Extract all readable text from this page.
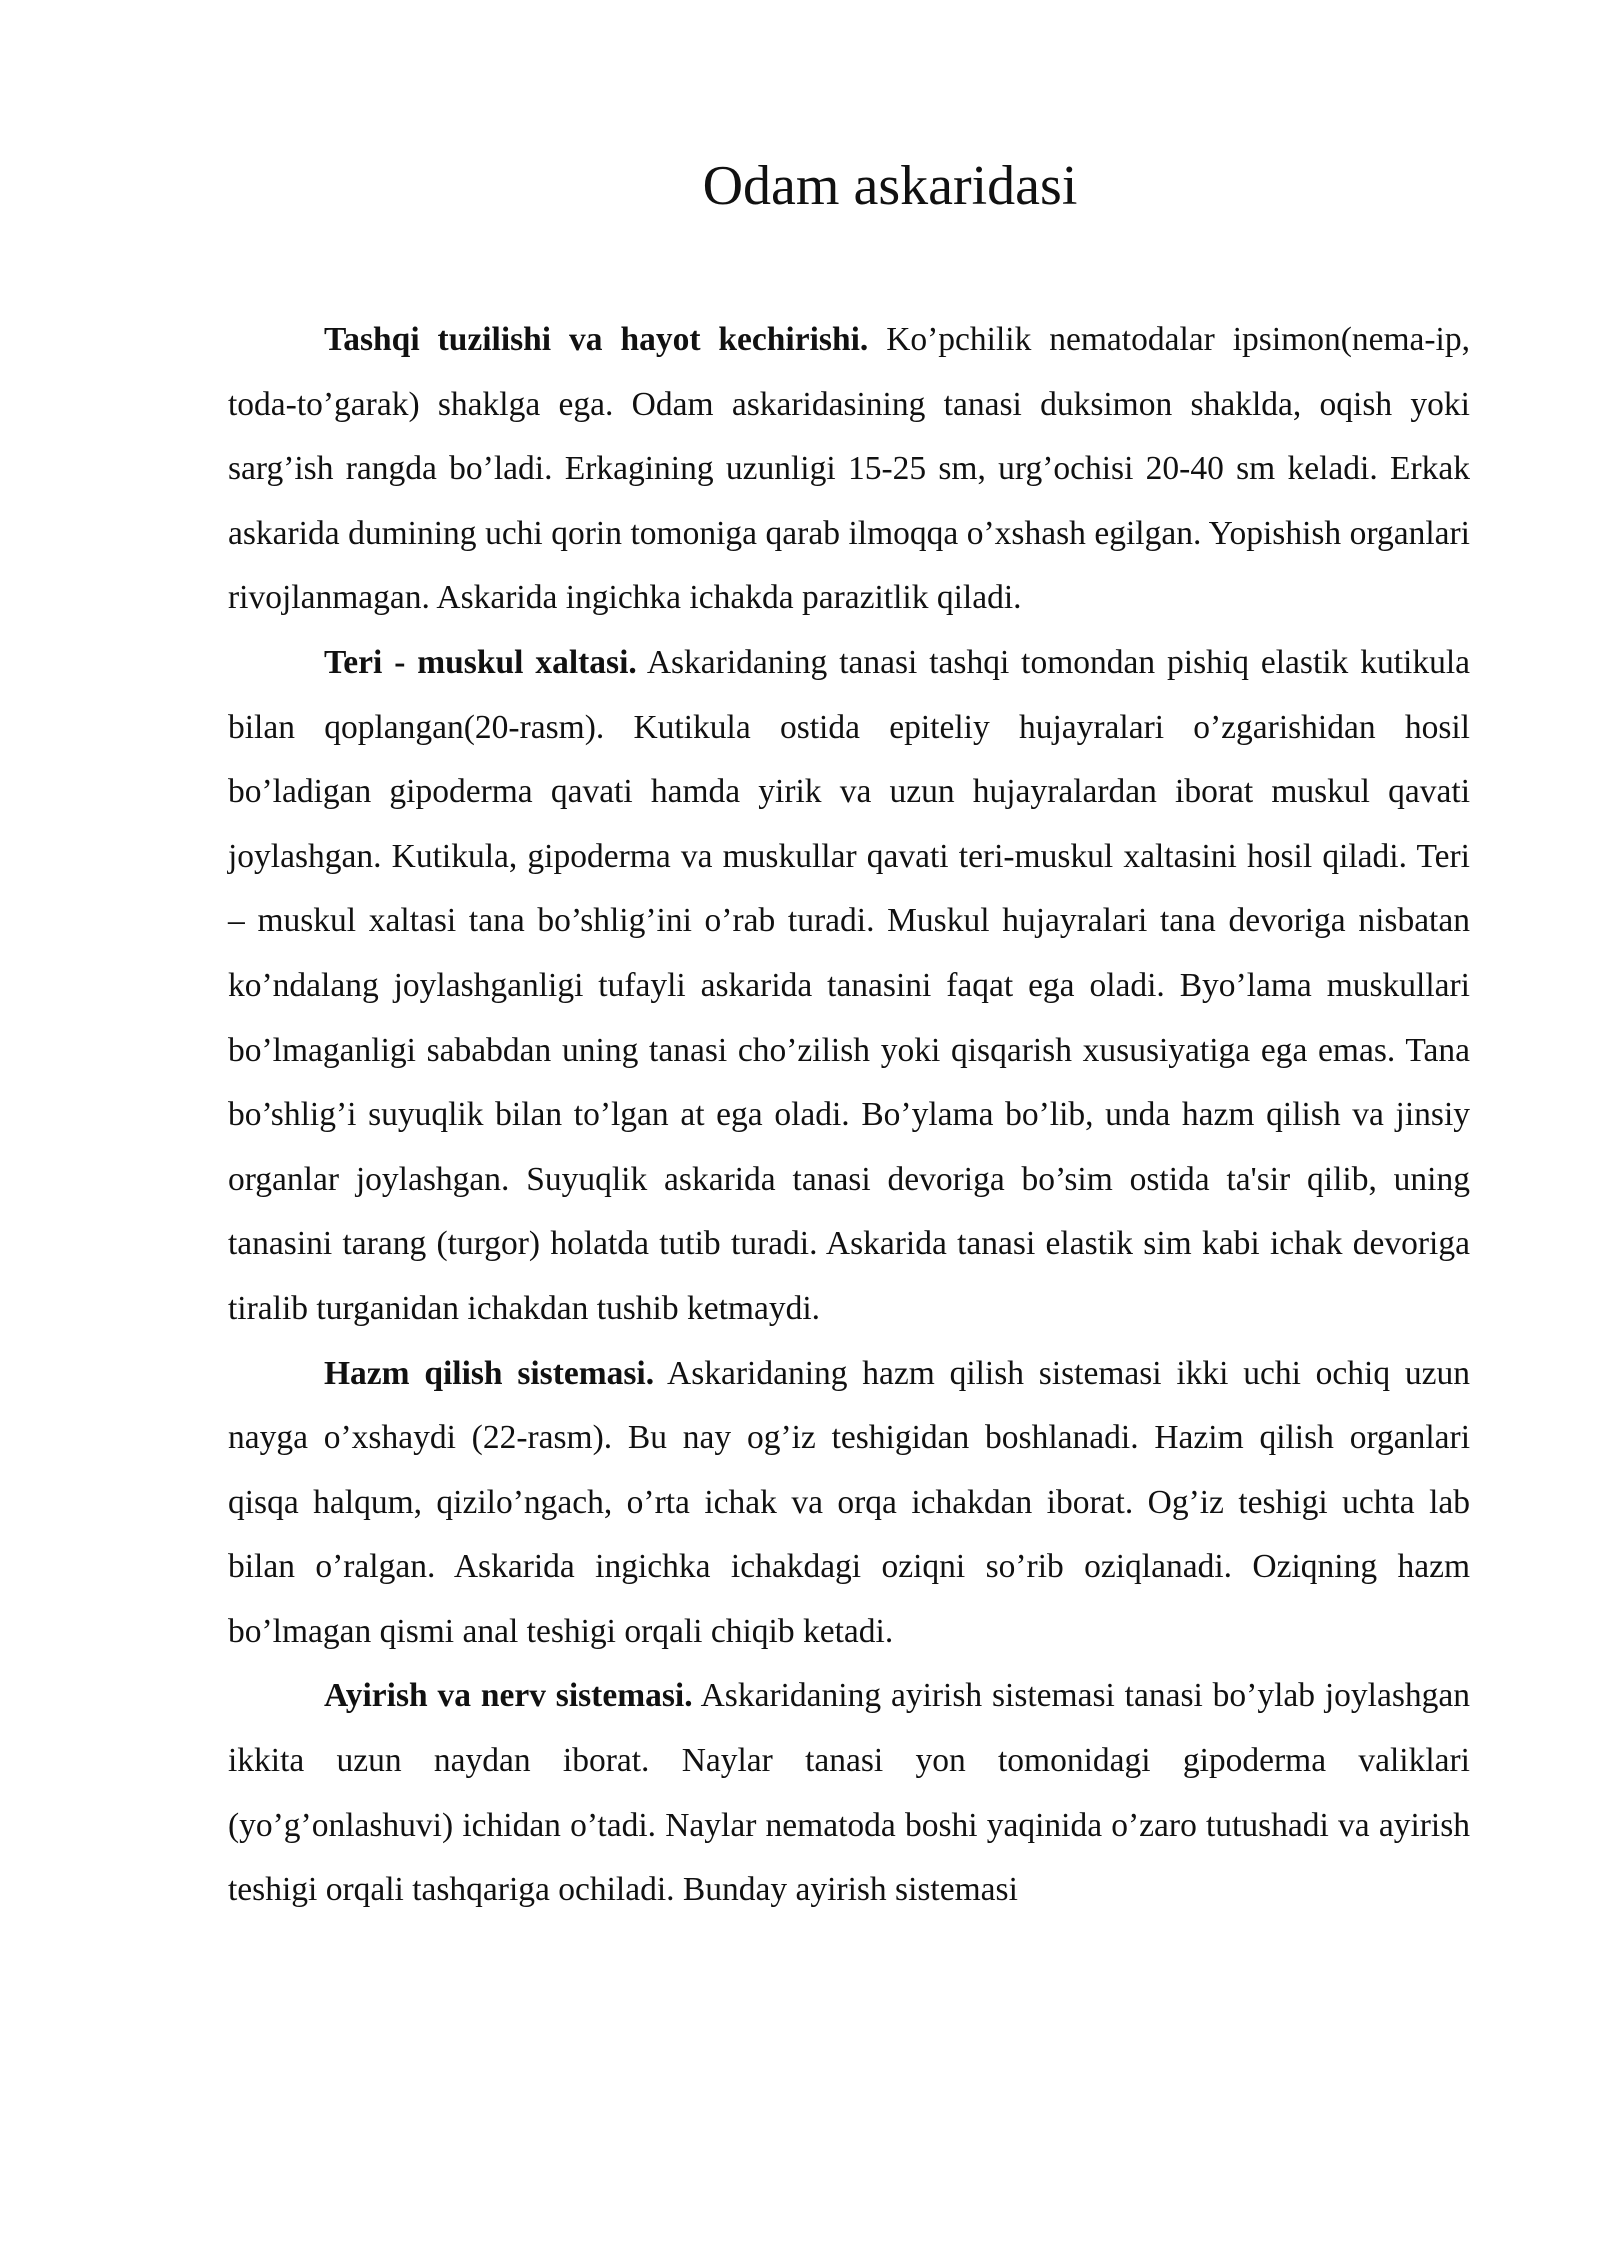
Odam askaridasi

Tashqi tuzilishi va hayot kechirishi. Ko’pchilik nematodalar ipsimon(nema-ip, toda-to’garak) shaklga ega. Odam askaridasining tanasi duksimon shaklda, oqish yoki sarg’ish rangda bo’ladi. Erkagining uzunligi 15-25 sm, urg’ochisi 20-40 sm keladi. Erkak askarida dumining uchi qorin tomoniga qarab ilmoqqa o’xshash egilgan. Yopishish organlari rivojlanmagan. Askarida ingichka ichakda parazitlik qiladi.

Teri - muskul xaltasi. Askaridaning tanasi tashqi tomondan pishiq elastik kutikula bilan qoplangan(20-rasm). Kutikula ostida epiteliy hujayralari o’zgarishidan hosil bo’ladigan gipoderma qavati hamda yirik va uzun hujayralardan iborat muskul qavati joylashgan. Kutikula, gipoderma va muskullar qavati teri-muskul xaltasini hosil qiladi. Teri – muskul xaltasi tana bo’shlig’ini o’rab turadi. Muskul hujayralari tana devoriga nisbatan ko’ndalang joylashganligi tufayli askarida tanasini faqat ega oladi. Byo’lama muskullari bo’lmaganligi sababdan uning tanasi cho’zilish yoki qisqarish xususiyatiga ega emas. Tana bo’shlig’i suyuqlik bilan to’lgan at ega oladi. Bo’ylama bo’lib, unda hazm qilish va jinsiy organlar joylashgan. Suyuqlik askarida tanasi devoriga bo’sim ostida ta'sir qilib, uning tanasini tarang (turgor) holatda tutib turadi. Askarida tanasi elastik sim kabi ichak devoriga tiralib turganidan ichakdan tushib ketmaydi.

Hazm qilish sistemasi. Askaridaning hazm qilish sistemasi ikki uchi ochiq uzun nayga o’xshaydi (22-rasm). Bu nay og’iz teshigidan boshlanadi. Hazim qilish organlari qisqa halqum, qizilo’ngach, o’rta ichak va orqa ichakdan iborat. Og’iz teshigi uchta lab bilan o’ralgan. Askarida ingichka ichakdagi oziqni so’rib oziqlanadi. Oziqning hazm bo’lmagan qismi anal teshigi orqali chiqib ketadi.

Ayirish va nerv sistemasi. Askaridaning ayirish sistemasi tanasi bo’ylab joylashgan ikkita uzun naydan iborat. Naylar tanasi yon tomonidagi gipoderma valiklari (yo’g’onlashuvi) ichidan o’tadi. Naylar nematoda boshi yaqinida o’zaro tutushadi va ayirish teshigi orqali tashqariga ochiladi. Bunday ayirish sistemasi
